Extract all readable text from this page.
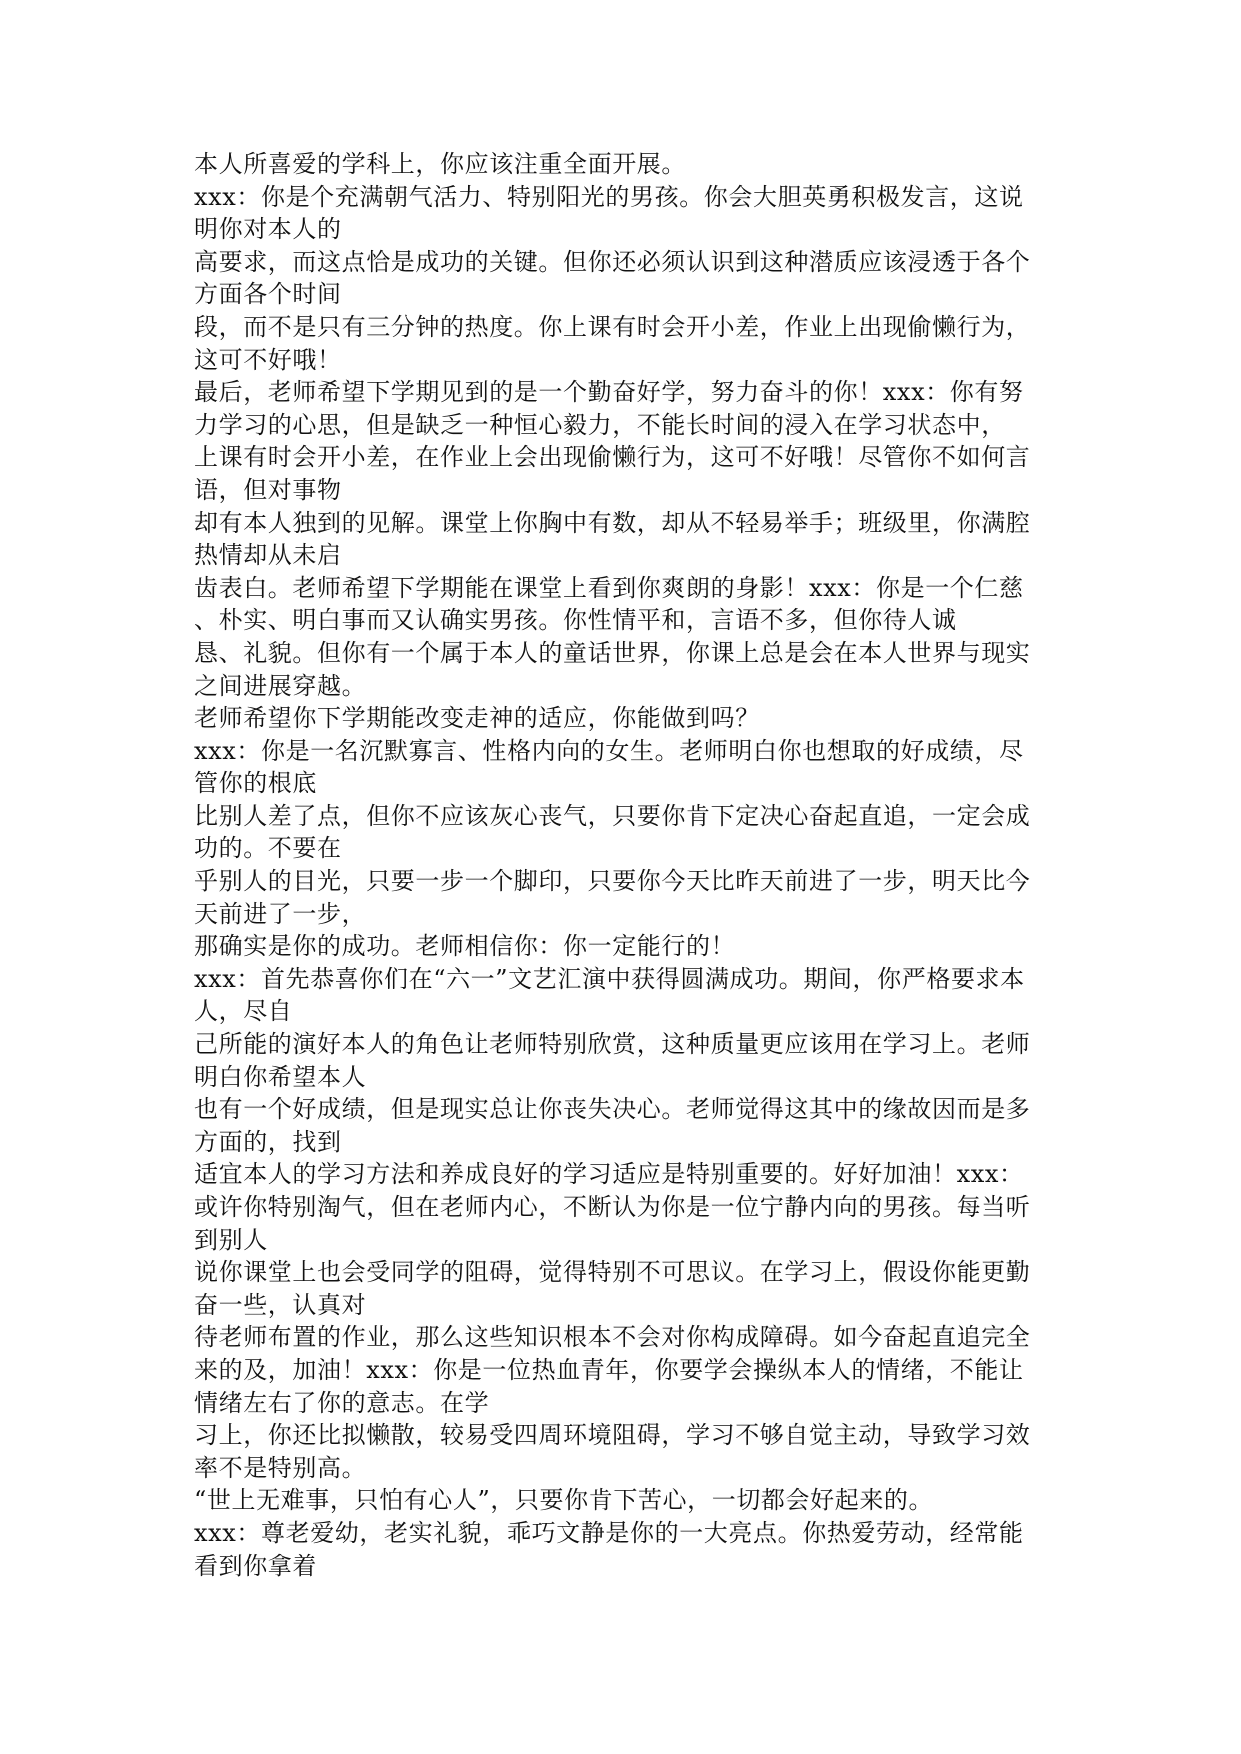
本人所喜爱的学科上，你应该注重全面开展。
xxx：你是个充满朝气活力、特别阳光的男孩。你会大胆英勇积极发言，这说
明你对本人的
高要求，而这点恰是成功的关键。但你还必须认识到这种潜质应该浸透于各个
方面各个时间
段，而不是只有三分钟的热度。你上课有时会开小差，作业上出现偷懒行为，
这可不好哦！
最后，老师希望下学期见到的是一个勤奋好学，努力奋斗的你！xxx：你有努
力学习的心思，但是缺乏一种恒心毅力，不能长时间的浸入在学习状态中，
上课有时会开小差，在作业上会出现偷懒行为，这可不好哦！尽管你不如何言
语，但对事物
却有本人独到的见解。课堂上你胸中有数，却从不轻易举手；班级里，你满腔
热情却从未启
齿表白。老师希望下学期能在课堂上看到你爽朗的身影！xxx：你是一个仁慈
、朴实、明白事而又认确实男孩。你性情平和，言语不多，但你待人诚
恳、礼貌。但你有一个属于本人的童话世界，你课上总是会在本人世界与现实
之间进展穿越。
老师希望你下学期能改变走神的适应，你能做到吗？
xxx：你是一名沉默寡言、性格内向的女生。老师明白你也想取的好成绩，尽
管你的根底
比别人差了点，但你不应该灰心丧气，只要你肯下定决心奋起直追，一定会成
功的。不要在
乎别人的目光，只要一步一个脚印，只要你今天比昨天前进了一步，明天比今
天前进了一步，
那确实是你的成功。老师相信你：你一定能行的！
xxx：首先恭喜你们在“六一”文艺汇演中获得圆满成功。期间，你严格要求本
人，尽自
己所能的演好本人的角色让老师特别欣赏，这种质量更应该用在学习上。老师
明白你希望本人
也有一个好成绩，但是现实总让你丧失决心。老师觉得这其中的缘故因而是多
方面的，找到
适宜本人的学习方法和养成良好的学习适应是特别重要的。好好加油！xxx：
或许你特别淘气，但在老师内心，不断认为你是一位宁静内向的男孩。每当听
到别人
说你课堂上也会受同学的阻碍，觉得特别不可思议。在学习上，假设你能更勤
奋一些，认真对
待老师布置的作业，那么这些知识根本不会对你构成障碍。如今奋起直追完全
来的及，加油！xxx：你是一位热血青年，你要学会操纵本人的情绪，不能让
情绪左右了你的意志。在学
习上，你还比拟懒散，较易受四周环境阻碍，学习不够自觉主动，导致学习效
率不是特别高。
“世上无难事，只怕有心人”，只要你肯下苦心，一切都会好起来的。
xxx：尊老爱幼，老实礼貌，乖巧文静是你的一大亮点。你热爱劳动，经常能
看到你拿着
